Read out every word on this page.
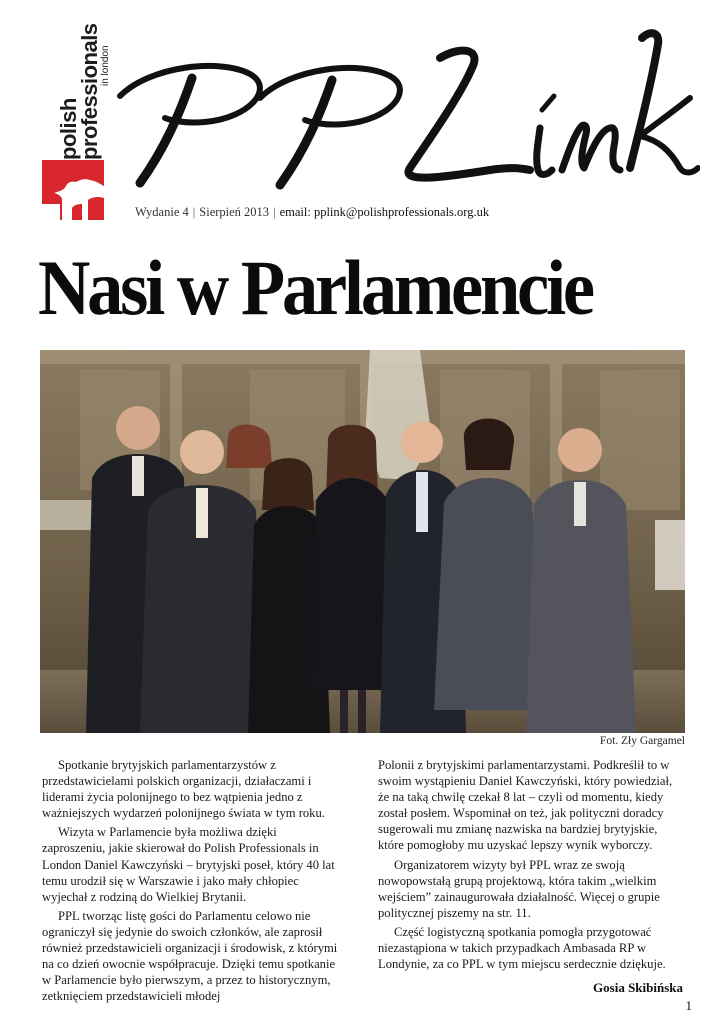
polish
professionals
in london
Wydanie 4 | Sierpień 2013 | email: pplink@polishprofessionals.org.uk
Nasi w Parlamencie
Fot. Zły Gargamel

Spotkanie brytyjskich parlamentarzystów z przedstawicielami polskich organizacji, działaczami i liderami życia polonijnego to bez wątpienia jedno z ważniejszych wydarzeń polonijnego świata w tym roku.

Wizyta w Parlamencie była możliwa dzięki zaproszeniu, jakie skierował do Polish Professionals in London Daniel Kawczyński – brytyjski poseł, który 40 lat temu urodził się w Warszawie i jako mały chłopiec wyjechał z rodziną do Wielkiej Brytanii.

PPL tworząc listę gości do Parlamentu celowo nie ograniczył się jedynie do swoich członków, ale zaprosił również przedstawicieli organizacji i środowisk, z którymi na co dzień owocnie współpracuje. Dzięki temu spotkanie w Parlamencie było pierwszym, a przez to historycznym, zetknięciem przedstawicieli młodej

Polonii z brytyjskimi parlamentarzystami. Podkreślił to w swoim wystąpieniu Daniel Kawczyński, który powiedział, że na taką chwilę czekał 8 lat – czyli od momentu, kiedy został posłem. Wspominał on też, jak polityczni doradcy sugerowali mu zmianę nazwiska na bardziej brytyjskie, które pomogłoby mu uzyskać lepszy wynik wyborczy.

Organizatorem wizyty był PPL wraz ze swoją nowopowstałą grupą projektową, która takim „wielkim wejściem” zainaugurowała działalność. Więcej o grupie politycznej piszemy na str. 11.

Część logistyczną spotkania pomogła przygotować niezastąpiona w takich przypadkach Ambasada RP w Londynie, za co PPL w tym miejscu serdecznie dziękuje.

Gosia Skibińska
1
